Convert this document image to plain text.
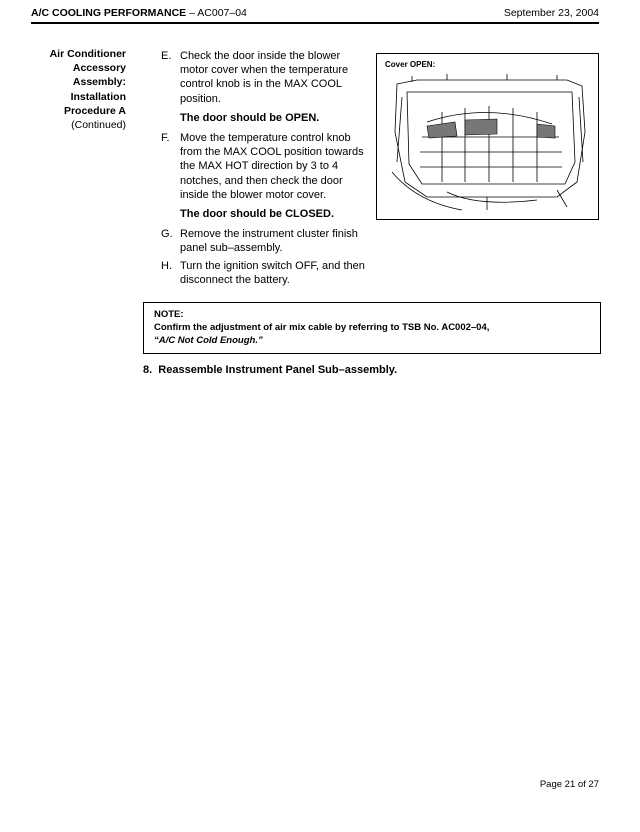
A/C COOLING PERFORMANCE – AC007–04	September 23, 2004
Air Conditioner
Accessory
Assembly:
Installation
Procedure A
(Continued)
E. Check the door inside the blower motor cover when the temperature control knob is in the MAX COOL position.
The door should be OPEN.
F. Move the temperature control knob from the MAX COOL position towards the MAX HOT direction by 3 to 4 notches, and then check the door inside the blower motor cover.
The door should be CLOSED.
G. Remove the instrument cluster finish panel sub–assembly.
H. Turn the ignition switch OFF, and then disconnect the battery.
Cover OPEN:
NOTE:
Confirm the adjustment of air mix cable by referring to TSB No. AC002–04,
“A/C Not Cold Enough.”
8.  Reassemble Instrument Panel Sub–assembly.
Page 21 of 27
